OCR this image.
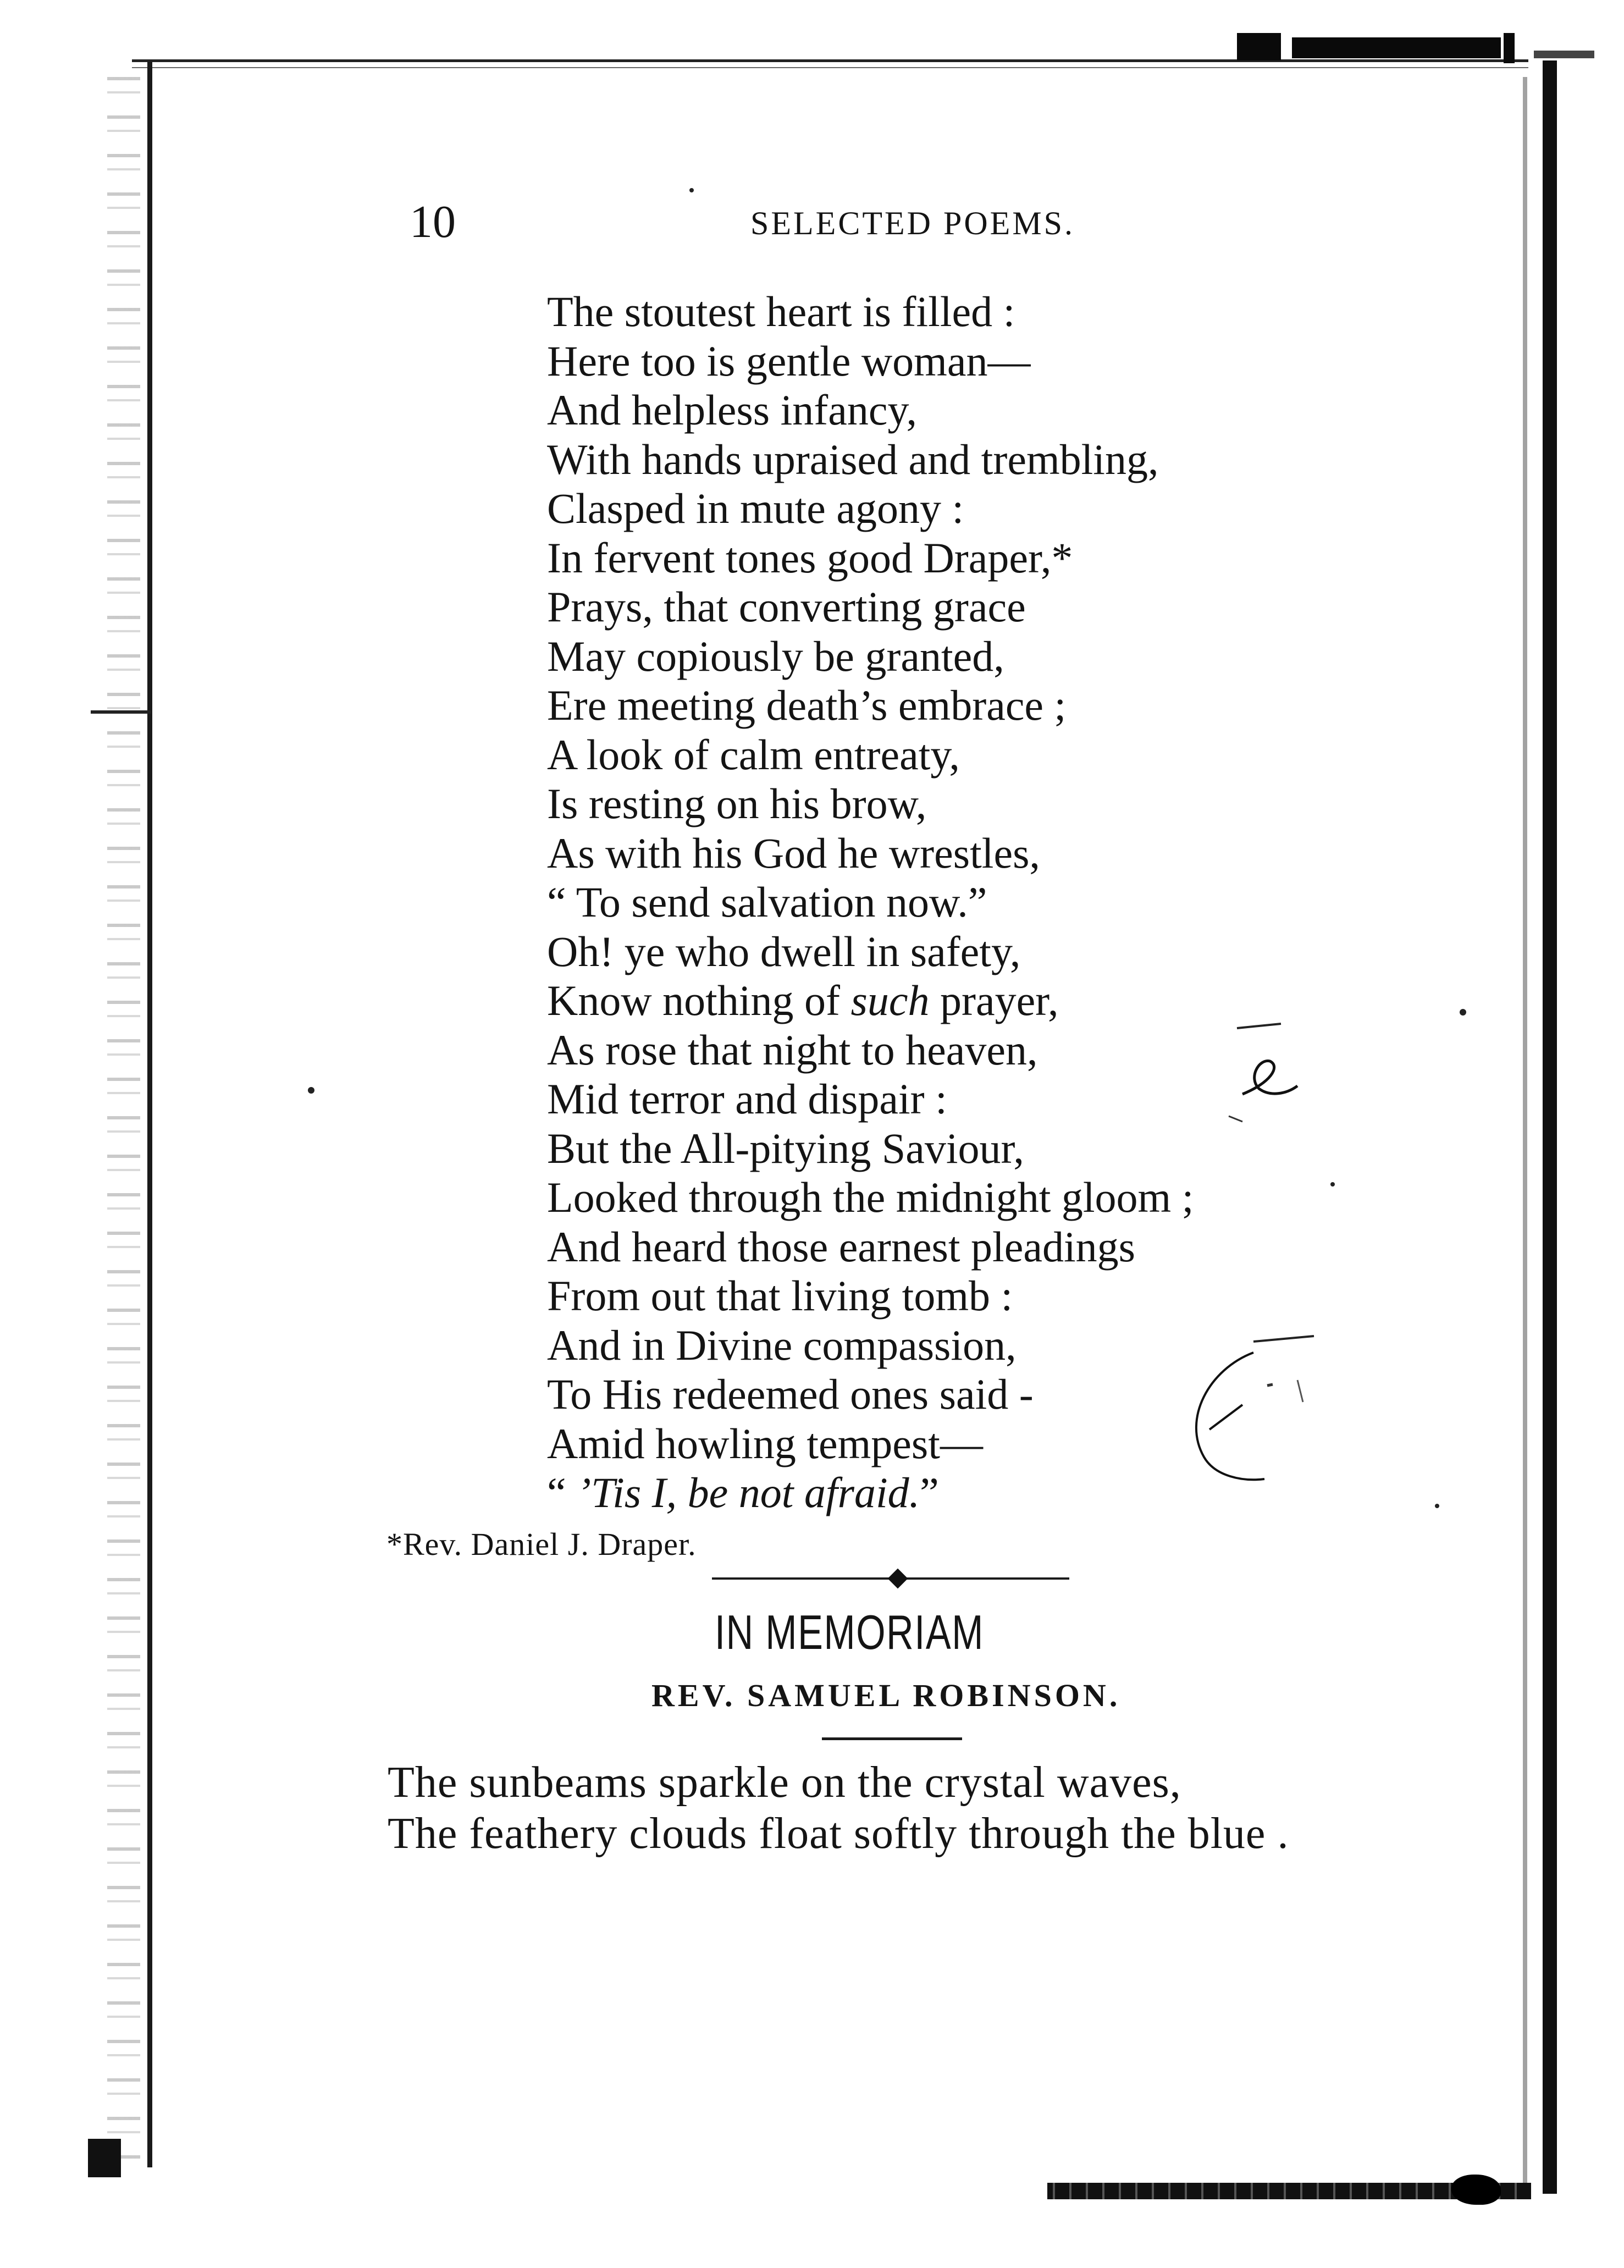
10	SELECTED POEMS.
The stoutest heart is filled :
Here too is gentle woman—
And helpless infancy,
With hands upraised and trembling,
Clasped in mute agony :
In fervent tones good Draper,*
Prays, that converting grace
May copiously be granted,
Ere meeting death’s embrace ;
A look of calm entreaty,
Is resting on his brow,
As with his God he wrestles,
“ To send salvation now.”
Oh! ye who dwell in safety,
Know nothing of such prayer,
As rose that night to heaven,
Mid terror and dispair :
But the All-pitying Saviour,
Looked through the midnight gloom ;
And heard those earnest pleadings
From out that living tomb :
And in Divine compassion,
To His redeemed ones said -
Amid howling tempest—
“ ’Tis I, be not afraid.”
*Rev. Daniel J. Draper.
IN MEMORIAM
REV. SAMUEL ROBINSON.
The sunbeams sparkle on the crystal waves,
The feathery clouds float softly through the blue .
